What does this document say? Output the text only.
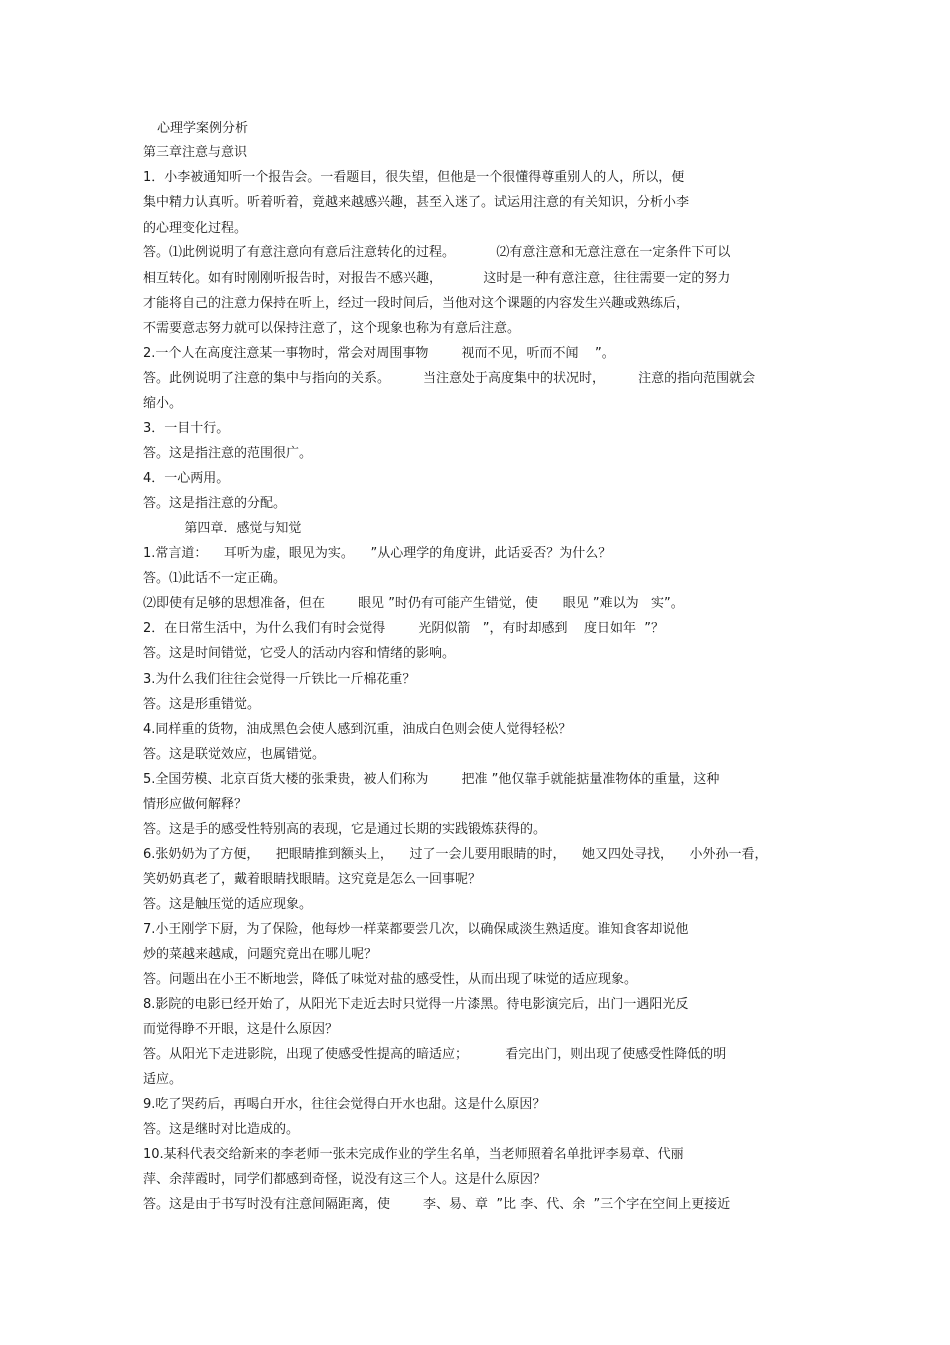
心理学案例分析
第三章注意与意识
1．小李被通知听一个报告会。一看题目，很失望，但他是一个很懂得尊重别人的人，所以，便
集中精力认真听。听着听着，竟越来越感兴趣，甚至入迷了。试运用注意的有关知识，分析小李
的心理变化过程。
答。⑴此例说明了有意注意向有意后注意转化的过程。          ⑵有意注意和无意注意在一定条件下可以
相互转化。如有时刚刚听报告时，对报告不感兴趣，          这时是一种有意注意，往往需要一定的努力
才能将自己的注意力保持在听上，经过一段时间后，当他对这个课题的内容发生兴趣或熟练后，
不需要意志努力就可以保持注意了，这个现象也称为有意后注意。
2.一个人在高度注意某一事物时，常会对周围事物        视而不见，听而不闻    ”。
答。此例说明了注意的集中与指向的关系。        当注意处于高度集中的状况时，        注意的指向范围就会
缩小。
3．一目十行。
答。这是指注意的范围很广。
4．一心两用。
答。这是指注意的分配。
第四章．感觉与知觉
1.常言道：    耳听为虚，眼见为实。    ”从心理学的角度讲，此话妥否？为什么？
答。⑴此话不一定正确。
⑵即使有足够的思想准备，但在        眼见 ”时仍有可能产生错觉，使      眼见 ”难以为   实”。
2．在日常生活中，为什么我们有时会觉得        光阴似箭   ”，有时却感到    度日如年  ”？
答。这是时间错觉，它受人的活动内容和情绪的影响。
3.为什么我们往往会觉得一斤铁比一斤棉花重？
答。这是形重错觉。
4.同样重的货物，油成黑色会使人感到沉重，油成白色则会使人觉得轻松？
答。这是联觉效应，也属错觉。
5.全国劳模、北京百货大楼的张秉贵，被人们称为        把准 ”他仅靠手就能掂量准物体的重量，这种
情形应做何解释？
答。这是手的感受性特别高的表现，它是通过长期的实践锻炼获得的。
6.张奶奶为了方便，    把眼睛推到额头上，    过了一会儿要用眼睛的时，    她又四处寻找，    小外孙一看，
笑奶奶真老了，戴着眼睛找眼睛。这究竟是怎么一回事呢？
答。这是触压觉的适应现象。
7.小王刚学下厨，为了保险，他每炒一样菜都要尝几次，以确保咸淡生熟适度。谁知食客却说他
炒的菜越来越咸，问题究竟出在哪儿呢？
答。问题出在小王不断地尝，降低了味觉对盐的感受性，从而出现了味觉的适应现象。
8.影院的电影已经开始了，从阳光下走近去时只觉得一片漆黑。待电影演完后，出门一遇阳光反
而觉得睁不开眼，这是什么原因？
答。从阳光下走进影院，出现了使感受性提高的暗适应；         看完出门，则出现了使感受性降低的明
适应。
9.吃了哭药后，再喝白开水，往往会觉得白开水也甜。这是什么原因？
答。这是继时对比造成的。
10.某科代表交给新来的李老师一张未完成作业的学生名单，当老师照着名单批评李易章、代丽
萍、余萍霞时，同学们都感到奇怪，说没有这三个人。这是什么原因？
答。这是由于书写时没有注意间隔距离，使        李、易、章  ”比 李、代、余  ”三个字在空间上更接近
